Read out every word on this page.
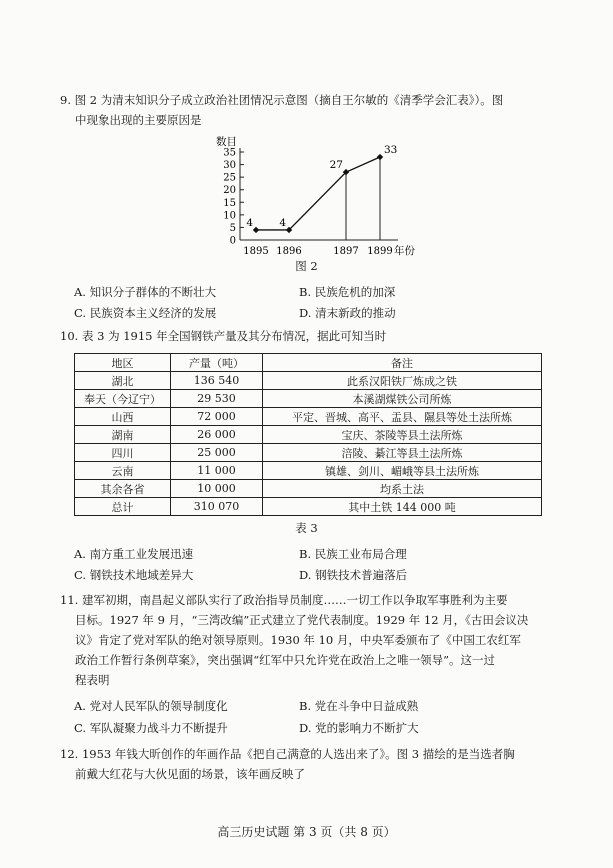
9. 图 2 为清末知识分子成立政治社团情况示意图（摘自王尔敏的《清季学会汇表》）。图
中现象出现的主要原因是
数目
0
5
10
15
20
25
30
35
1895 1896	1897 1899 年份
4	4
27
33
图 2
A. 知识分子群体的不断壮大	B. 民族危机的加深
C. 民族资本主义经济的发展	D. 清末新政的推动
10. 表 3 为 1915 年全国钢铁产量及其分布情况，据此可知当时
地区	产量（吨）	备注
湖北	136 540	此系汉阳铁厂炼成之铁
奉天（今辽宁）	29 530	本溪湖煤铁公司所炼
山西	72 000	平定、晋城、高平、盂县、隰县等处土法所炼
湖南	26 000	宝庆、茶陵等县土法所炼
四川	25 000	涪陵、綦江等县土法所炼
云南	11 000	镇雄、剑川、嵋峨等县土法所炼
其余各省	10 000	均系土法
总计	310 070	其中土铁 144 000 吨
表 3
A. 南方重工业发展迅速	B. 民族工业布局合理
C. 钢铁技术地域差异大	D. 钢铁技术普遍落后
11. 建军初期，南昌起义部队实行了政治指导员制度……一切工作以争取军事胜利为主要
目标。1927 年 9 月，“三湾改编”正式建立了党代表制度。1929 年 12 月，《古田会议决
议》肯定了党对军队的绝对领导原则。1930 年 10 月，中央军委颁布了《中国工农红军
政治工作暂行条例草案》，突出强调“红军中只允许党在政治上之唯一领导”。这一过
程表明
A. 党对人民军队的领导制度化	B. 党在斗争中日益成熟
C. 军队凝聚力战斗力不断提升	D. 党的影响力不断扩大
12. 1953 年钱大昕创作的年画作品《把自己满意的人选出来了》。图 3 描绘的是当选者胸
前戴大红花与大伙见面的场景，该年画反映了
高三历史试题 第 3 页（共 8 页）
